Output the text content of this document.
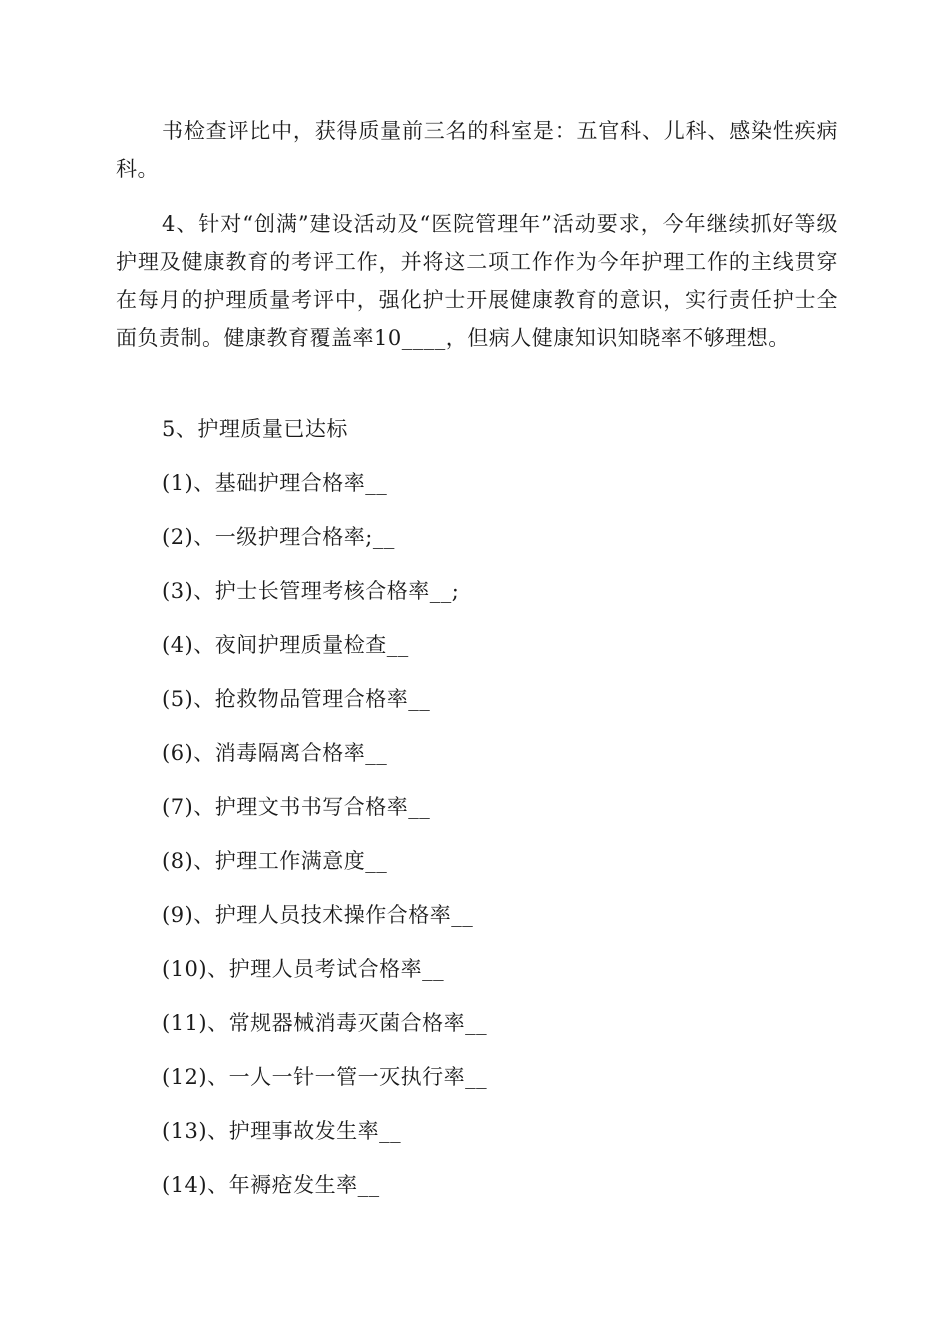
书检查评比中，获得质量前三名的科室是：五官科、儿科、感染性疾病科。

4、针对“创满”建设活动及“医院管理年”活动要求，今年继续抓好等级护理及健康教育的考评工作，并将这二项工作作为今年护理工作的主线贯穿在每月的护理质量考评中，强化护士开展健康教育的意识，实行责任护士全面负责制。健康教育覆盖率10____，但病人健康知识知晓率不够理想。

5、护理质量已达标

(1)、基础护理合格率__

(2)、一级护理合格率;__

(3)、护士长管理考核合格率__;

(4)、夜间护理质量检查__

(5)、抢救物品管理合格率__

(6)、消毒隔离合格率__

(7)、护理文书书写合格率__

(8)、护理工作满意度__

(9)、护理人员技术操作合格率__

(10)、护理人员考试合格率__

(11)、常规器械消毒灭菌合格率__

(12)、一人一针一管一灭执行率__

(13)、护理事故发生率__

(14)、年褥疮发生率__
